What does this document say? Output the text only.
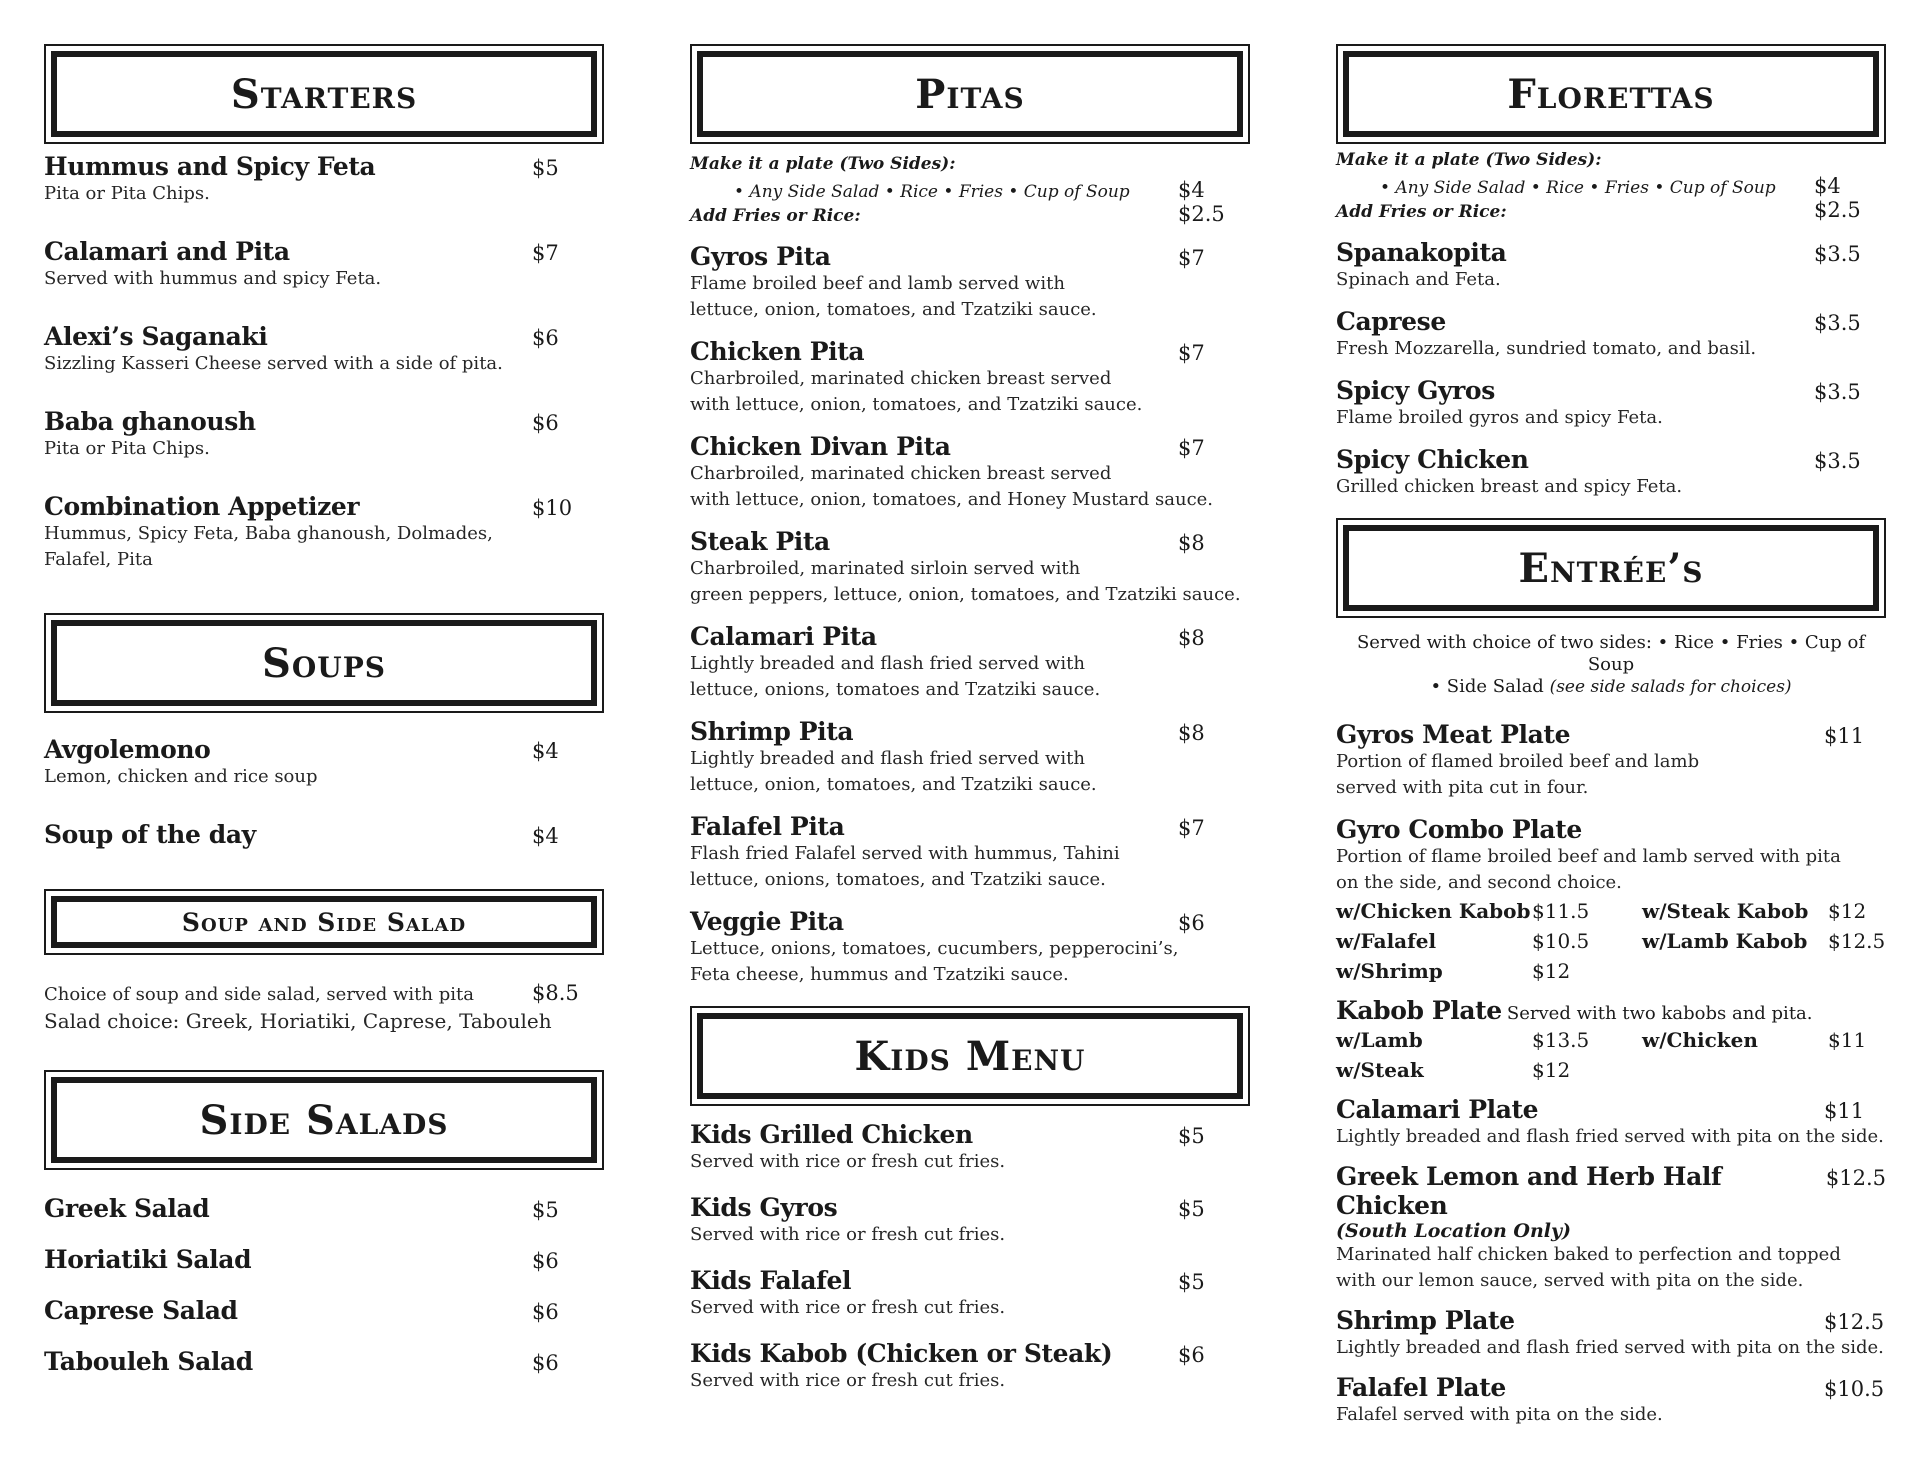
Starters
Hummus and Spicy Feta	$5
Pita or Pita Chips.
Calamari and Pita	$7
Served with hummus and spicy Feta.
Alexi’s Saganaki	$6
Sizzling Kasseri Cheese served with a side of pita.
Baba ghanoush	$6
Pita or Pita Chips.
Combination Appetizer	$10
Hummus, Spicy Feta, Baba ghanoush, Dolmades,
Falafel, Pita
Soups
Avgolemono	$4
Lemon, chicken and rice soup
Soup of the day	$4
Soup and Side Salad
Choice of soup and side salad, served with pita	$8.5
Salad choice: Greek, Horiatiki, Caprese, Tabouleh
Side Salads
Greek Salad	$5
Horiatiki Salad	$6
Caprese Salad	$6
Tabouleh Salad	$6
Pitas
Make it a plate (Two Sides):
• Any Side Salad • Rice • Fries • Cup of Soup $4
Add Fries or Rice:	$2.5
Gyros Pita	$7
Flame broiled beef and lamb served with
lettuce, onion, tomatoes, and Tzatziki sauce.
Chicken Pita	$7
Charbroiled, marinated chicken breast served
with lettuce, onion, tomatoes, and Tzatziki sauce.
Chicken Divan Pita	$7
Charbroiled, marinated chicken breast served
with lettuce, onion, tomatoes, and Honey Mustard sauce.
Steak Pita	$8
Charbroiled, marinated sirloin served with
green peppers, lettuce, onion, tomatoes, and Tzatziki sauce.
Calamari Pita	$8
Lightly breaded and flash fried served with
lettuce, onions, tomatoes and Tzatziki sauce.
Shrimp Pita	$8
Lightly breaded and flash fried served with
lettuce, onion, tomatoes, and Tzatziki sauce.
Falafel Pita	$7
Flash fried Falafel served with hummus, Tahini
lettuce, onions, tomatoes, and Tzatziki sauce.
Veggie Pita	$6
Lettuce, onions, tomatoes, cucumbers, pepperocini’s,
Feta cheese, hummus and Tzatziki sauce.
Kids Menu
Kids Grilled Chicken	$5
Served with rice or fresh cut fries.
Kids Gyros	$5
Served with rice or fresh cut fries.
Kids Falafel	$5
Served with rice or fresh cut fries.
Kids Kabob (Chicken or Steak)	$6
Served with rice or fresh cut fries.
Florettas
Make it a plate (Two Sides):
• Any Side Salad • Rice • Fries • Cup of Soup $4
Add Fries or Rice:	$2.5
Spanakopita	$3.5
Spinach and Feta.
Caprese	$3.5
Fresh Mozzarella, sundried tomato, and basil.
Spicy Gyros	$3.5
Flame broiled gyros and spicy Feta.
Spicy Chicken	$3.5
Grilled chicken breast and spicy Feta.
Entrée’s
Served with choice of two sides: • Rice • Fries • Cup of Soup
• Side Salad (see side salads for choices)
Gyros Meat Plate	$11
Portion of flamed broiled beef and lamb
served with pita cut in four.
Gyro Combo Plate
Portion of flame broiled beef and lamb served with pita
on the side, and second choice.
w/Chicken Kabob $11.5	w/Steak Kabob $12
w/Falafel	$10.5	w/Lamb Kabob	$12.5
w/Shrimp	$12
Kabob Plate
Served with two kabobs and pita.
w/Lamb	$13.5	w/Chicken	$11
w/Steak	$12
Calamari Plate	$11
Lightly breaded and flash fried served with pita on the side.
Greek Lemon and Herb Half Chicken
$12.5
(South Location Only)
Marinated half chicken baked to perfection and topped
with our lemon sauce, served with pita on the side.
Shrimp Plate	$12.5
Lightly breaded and flash fried served with pita on the side.
Falafel Plate	$10.5
Falafel served with pita on the side.
